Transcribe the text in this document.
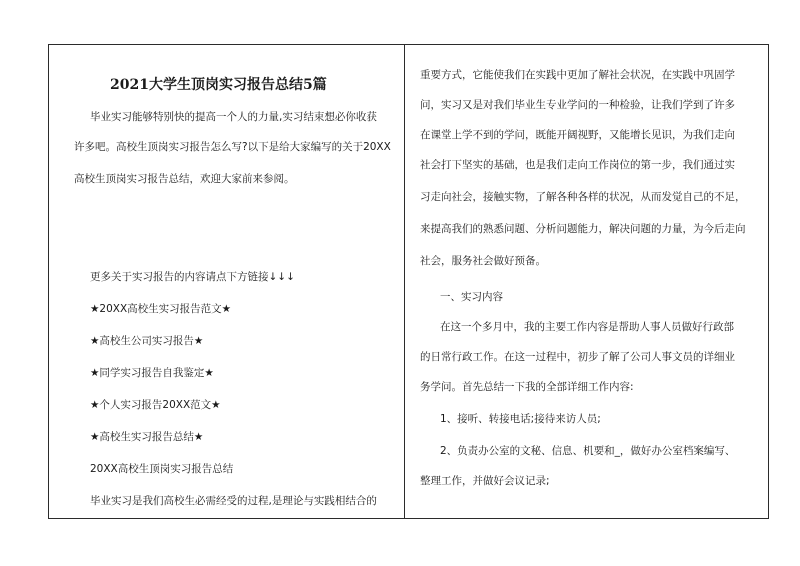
2021大学生顶岗实习报告总结5篇
毕业实习能够特别快的提高一个人的力量,实习结束想必你收获
许多吧。高校生顶岗实习报告怎么写?以下是给大家编写的关于20XX
高校生顶岗实习报告总结，欢迎大家前来参阅。
更多关于实习报告的内容请点下方链接↓↓↓
★20XX高校生实习报告范文★
★高校生公司实习报告★
★同学实习报告自我鉴定★
★个人实习报告20XX范文★
★高校生实习报告总结★
20XX高校生顶岗实习报告总结
毕业实习是我们高校生必需经受的过程,是理论与实践相结合的
重要方式，它能使我们在实践中更加了解社会状况，在实践中巩固学
问，实习又是对我们毕业生专业学问的一种检验，让我们学到了许多
在课堂上学不到的学问，既能开阔视野，又能增长见识，为我们走向
社会打下坚实的基础，也是我们走向工作岗位的第一步，我们通过实
习走向社会，接触实物，了解各种各样的状况，从而发觉自己的不足，
来提高我们的熟悉问题、分析问题能力，解决问题的力量，为今后走向
社会，服务社会做好预备。
一、实习内容
在这一个多月中，我的主要工作内容是帮助人事人员做好行政部
的日常行政工作。在这一过程中，初步了解了公司人事文员的详细业
务学问。首先总结一下我的全部详细工作内容:
1、接听、转接电话;接待来访人员;
2、负责办公室的文秘、信息、机要和_，做好办公室档案编写、
整理工作，并做好会议记录;
